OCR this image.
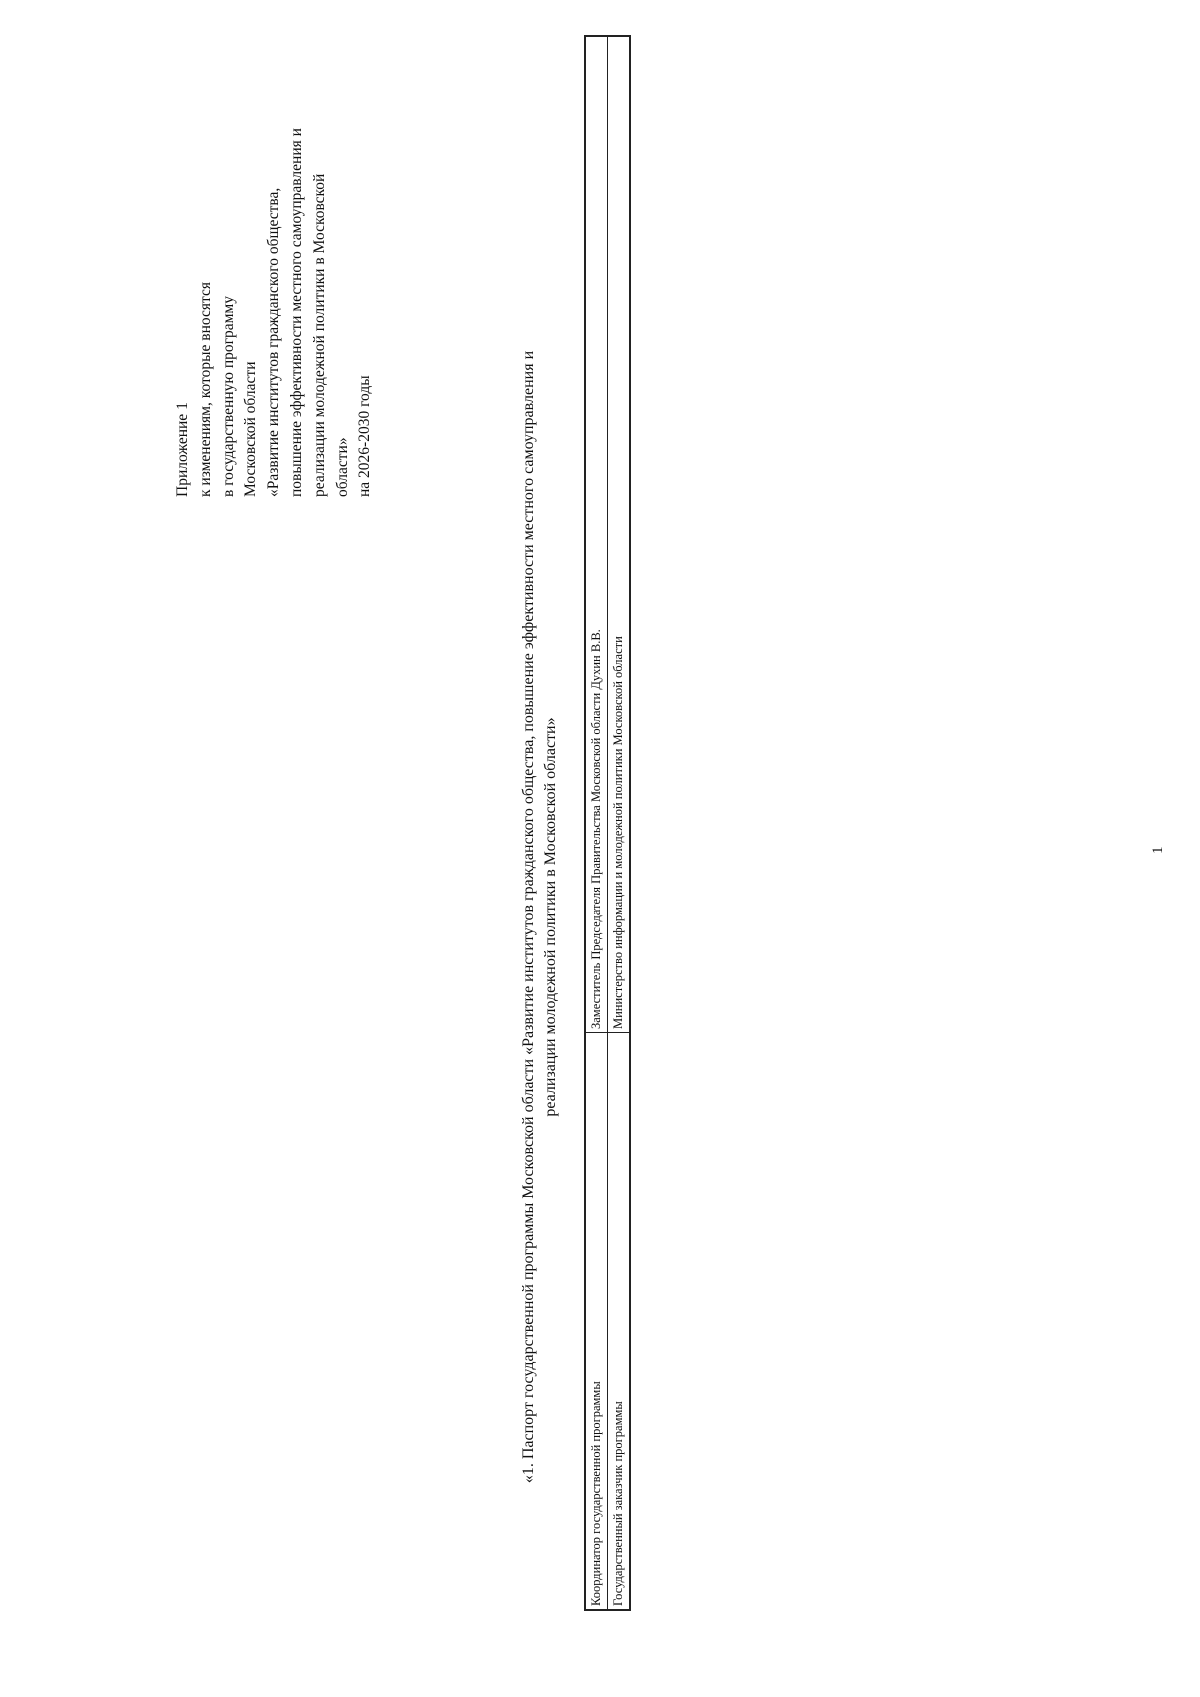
Приложение 1 к изменениям, которые вносятся в государственную программу Московской области «Развитие институтов гражданского общества, повышение эффективности местного самоуправления и реализации молодежной политики в Московской области» на 2026-2030 годы	«1. Паспорт государственной программы Московской области «Развитие институтов гражданского общества, повышение эффективности местного самоуправления и реализации молодежной политики в Московской области»
Координатор государственной программы	Заместитель Председателя Правительства Московской области Духин В.В.
Государственный заказчик программы	Министерство информации и молодежной политики Московской области	1
